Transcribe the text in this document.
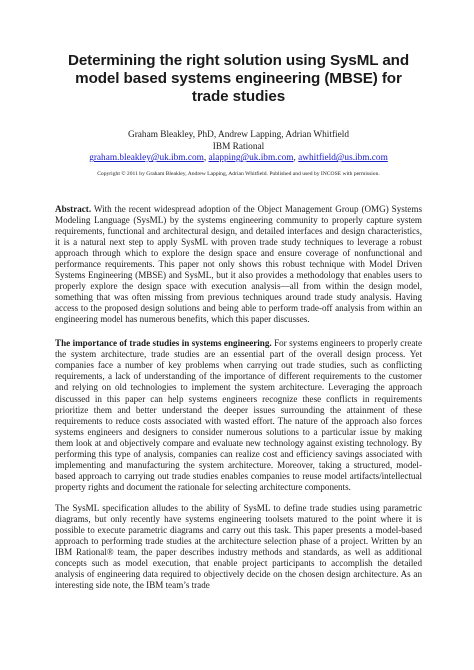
Determining the right solution using SysML and model based systems engineering (MBSE) for trade studies
Graham Bleakley, PhD, Andrew Lapping, Adrian Whitfield
IBM Rational
graham.bleakley@uk.ibm.com, alapping@uk.ibm.com, awhitfield@us.ibm.com
Copyright © 2011 by Graham Bleakley, Andrew Lapping, Adrian Whitfield. Published and used by INCOSE with permission.

Abstract. With the recent widespread adoption of the Object Management Group (OMG) Systems Modeling Language (SysML) by the systems engineering community to properly capture system requirements, functional and architectural design, and detailed interfaces and design characteristics, it is a natural next step to apply SysML with proven trade study techniques to leverage a robust approach through which to explore the design space and ensure coverage of nonfunctional and performance requirements. This paper not only shows this robust technique with Model Driven Systems Engineering (MBSE) and SysML, but it also provides a methodology that enables users to properly explore the design space with execution analysis—all from within the design model, something that was often missing from previous techniques around trade study analysis. Having access to the proposed design solutions and being able to perform trade-off analysis from within an engineering model has numerous benefits, which this paper discusses.

The importance of trade studies in systems engineering. For systems engineers to properly create the system architecture, trade studies are an essential part of the overall design process. Yet companies face a number of key problems when carrying out trade studies, such as conflicting requirements, a lack of understanding of the importance of different requirements to the customer and relying on old technologies to implement the system architecture. Leveraging the approach discussed in this paper can help systems engineers recognize these conflicts in requirements prioritize them and better understand the deeper issues surrounding the attainment of these requirements to reduce costs associated with wasted effort. The nature of the approach also forces systems engineers and designers to consider numerous solutions to a particular issue by making them look at and objectively compare and evaluate new technology against existing technology. By performing this type of analysis, companies can realize cost and efficiency savings associated with implementing and manufacturing the system architecture. Moreover, taking a structured, model-based approach to carrying out trade studies enables companies to reuse model artifacts/intellectual property rights and document the rationale for selecting architecture components.

The SysML specification alludes to the ability of SysML to define trade studies using parametric diagrams, but only recently have systems engineering toolsets matured to the point where it is possible to execute parametric diagrams and carry out this task. This paper presents a model-based approach to performing trade studies at the architecture selection phase of a project. Written by an IBM Rational® team, the paper describes industry methods and standards, as well as additional concepts such as model execution, that enable project participants to accomplish the detailed analysis of engineering data required to objectively decide on the chosen design architecture. As an interesting side note, the IBM team’s trade
